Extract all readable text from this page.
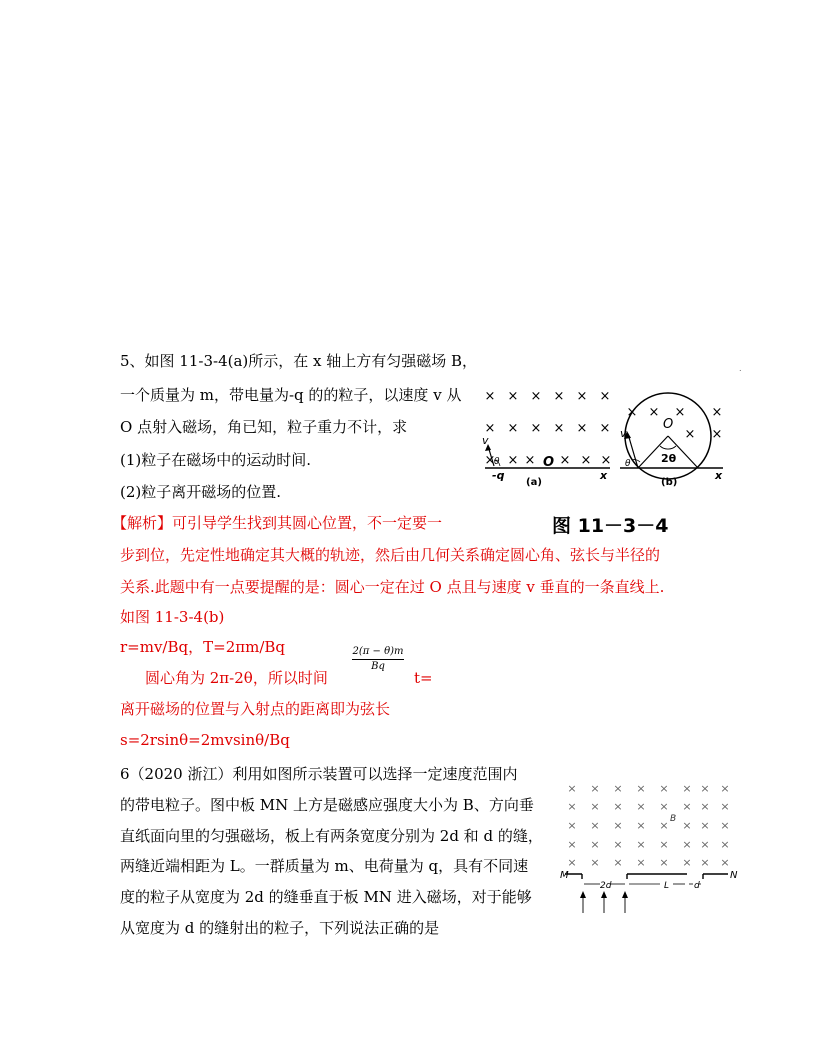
5、如图 11-3-4(a)所示，在 x 轴上方有匀强磁场 B，
一个质量为 m，带电量为-q 的的粒子，以速度 v 从
O 点射入磁场，角已知，粒子重力不计，求
(1)粒子在磁场中的运动时间.
(2)粒子离开磁场的位置.
【解析】可引导学生找到其圆心位置，不一定要一
步到位，先定性地确定其大概的轨迹，然后由几何关系确定圆心角、弦长与半径的
关系.此题中有一点要提醒的是：圆心一定在过 O 点且与速度 v 垂直的一条直线上.
如图 11-3-4(b)
r=mv/Bq，T=2πm/Bq
圆心角为 2π-2θ，所以时间
2(π − θ)m
Bq
t=
离开磁场的位置与入射点的距离即为弦长
s=2rsinθ=2mvsinθ/Bq
.
× × × × × ×
× × × × × ×
× × × × × ×
× × × ×
× ×
v
θ
-q
O
x
v
θ
O
2θ
x
(a)	(b)
图 11－3－4
6（2020 浙江）利用如图所示装置可以选择一定速度范围内
的带电粒子。图中板 MN 上方是磁感应强度大小为 B、方向垂
直纸面向里的匀强磁场，板上有两条宽度分别为 2d 和 d 的缝，
两缝近端相距为 L。一群质量为 m、电荷量为 q，具有不同速
度的粒子从宽度为 2d 的缝垂直于板 MN 进入磁场，对于能够
从宽度为 d 的缝射出的粒子，下列说法正确的是
× × × × × × × ×
× × × × × × × ×
× × × × × × × ×
× × × × × × × ×
× × × × × × × ×
B
M	N
2d	L	d
